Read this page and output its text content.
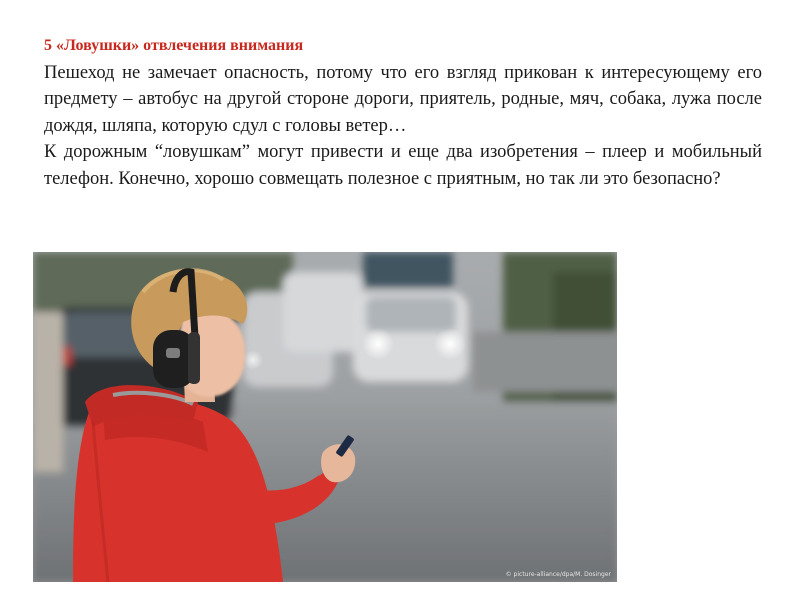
5 «Ловушки» отвлечения внимания

Пешеход не замечает опасность, потому что его взгляд прикован к интересующему его предмету – автобус на другой стороне дороги, приятель, родные, мяч, собака, лужа после дождя, шляпа, которую сдул с головы ветер…

К дорожным “ловушкам” могут привести и еще два изобретения – плеер и мобильный телефон. Конечно, хорошо совмещать полезное с приятным, но так ли это безопасно?

© picture-alliance/dpa/M. Dosinger
